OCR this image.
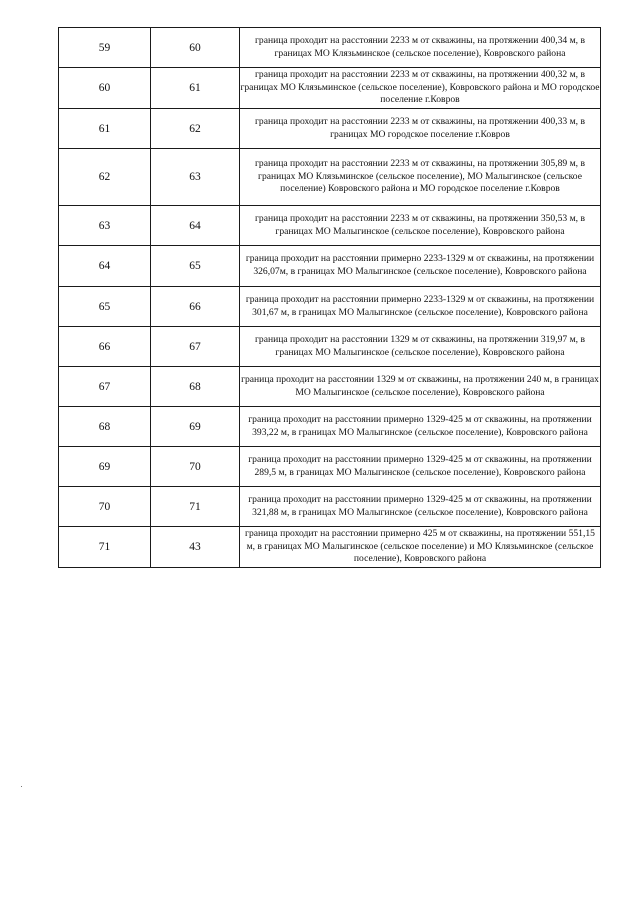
59	60	граница проходит на расстоянии 2233 м от скважины, на протяжении 400,34 м, в границах МО Клязьминское (сельское поселение), Ковровского района
60	61	граница проходит на расстоянии 2233 м от скважины, на протяжении 400,32 м, в границах МО Клязьминское (сельское поселение), Ковровского района и МО городское поселение г.Ковров
61	62	граница проходит на расстоянии 2233 м от скважины, на протяжении 400,33 м, в границах МО городское поселение г.Ковров
62	63	граница проходит на расстоянии 2233 м от скважины, на протяжении 305,89 м, в границах МО Клязьминское (сельское поселение), МО Малыгинское (сельское поселение) Ковровского района и МО городское поселение г.Ковров
63	64	граница проходит на расстоянии 2233 м от скважины, на протяжении 350,53 м, в границах МО Малыгинское (сельское поселение), Ковровского района
64	65	граница проходит на расстоянии примерно 2233-1329 м от скважины, на протяжении 326,07м, в границах МО Малыгинское (сельское поселение), Ковровского района
65	66	граница проходит на расстоянии примерно 2233-1329 м от скважины, на протяжении 301,67 м, в границах МО Малыгинское (сельское поселение), Ковровского района
66	67	граница проходит на расстоянии 1329 м от скважины, на протяжении 319,97 м, в границах МО Малыгинское (сельское поселение), Ковровского района
67	68	граница проходит на расстоянии 1329 м от скважины, на протяжении 240 м, в границах МО Малыгинское (сельское поселение), Ковровского района
68	69	граница проходит на расстоянии примерно 1329-425 м от скважины, на протяжении 393,22 м, в границах МО Малыгинское (сельское поселение), Ковровского района
69	70	граница проходит на расстоянии примерно 1329-425 м от скважины, на протяжении 289,5 м, в границах МО Малыгинское (сельское поселение), Ковровского района
70	71	граница проходит на расстоянии примерно 1329-425 м от скважины, на протяжении 321,88 м, в границах МО Малыгинское (сельское поселение), Ковровского района
71	43	граница проходит на расстоянии примерно 425 м от скважины, на протяжении 551,15 м, в границах МО Малыгинское (сельское поселение) и МО Клязьминское (сельское поселение), Ковровского района
